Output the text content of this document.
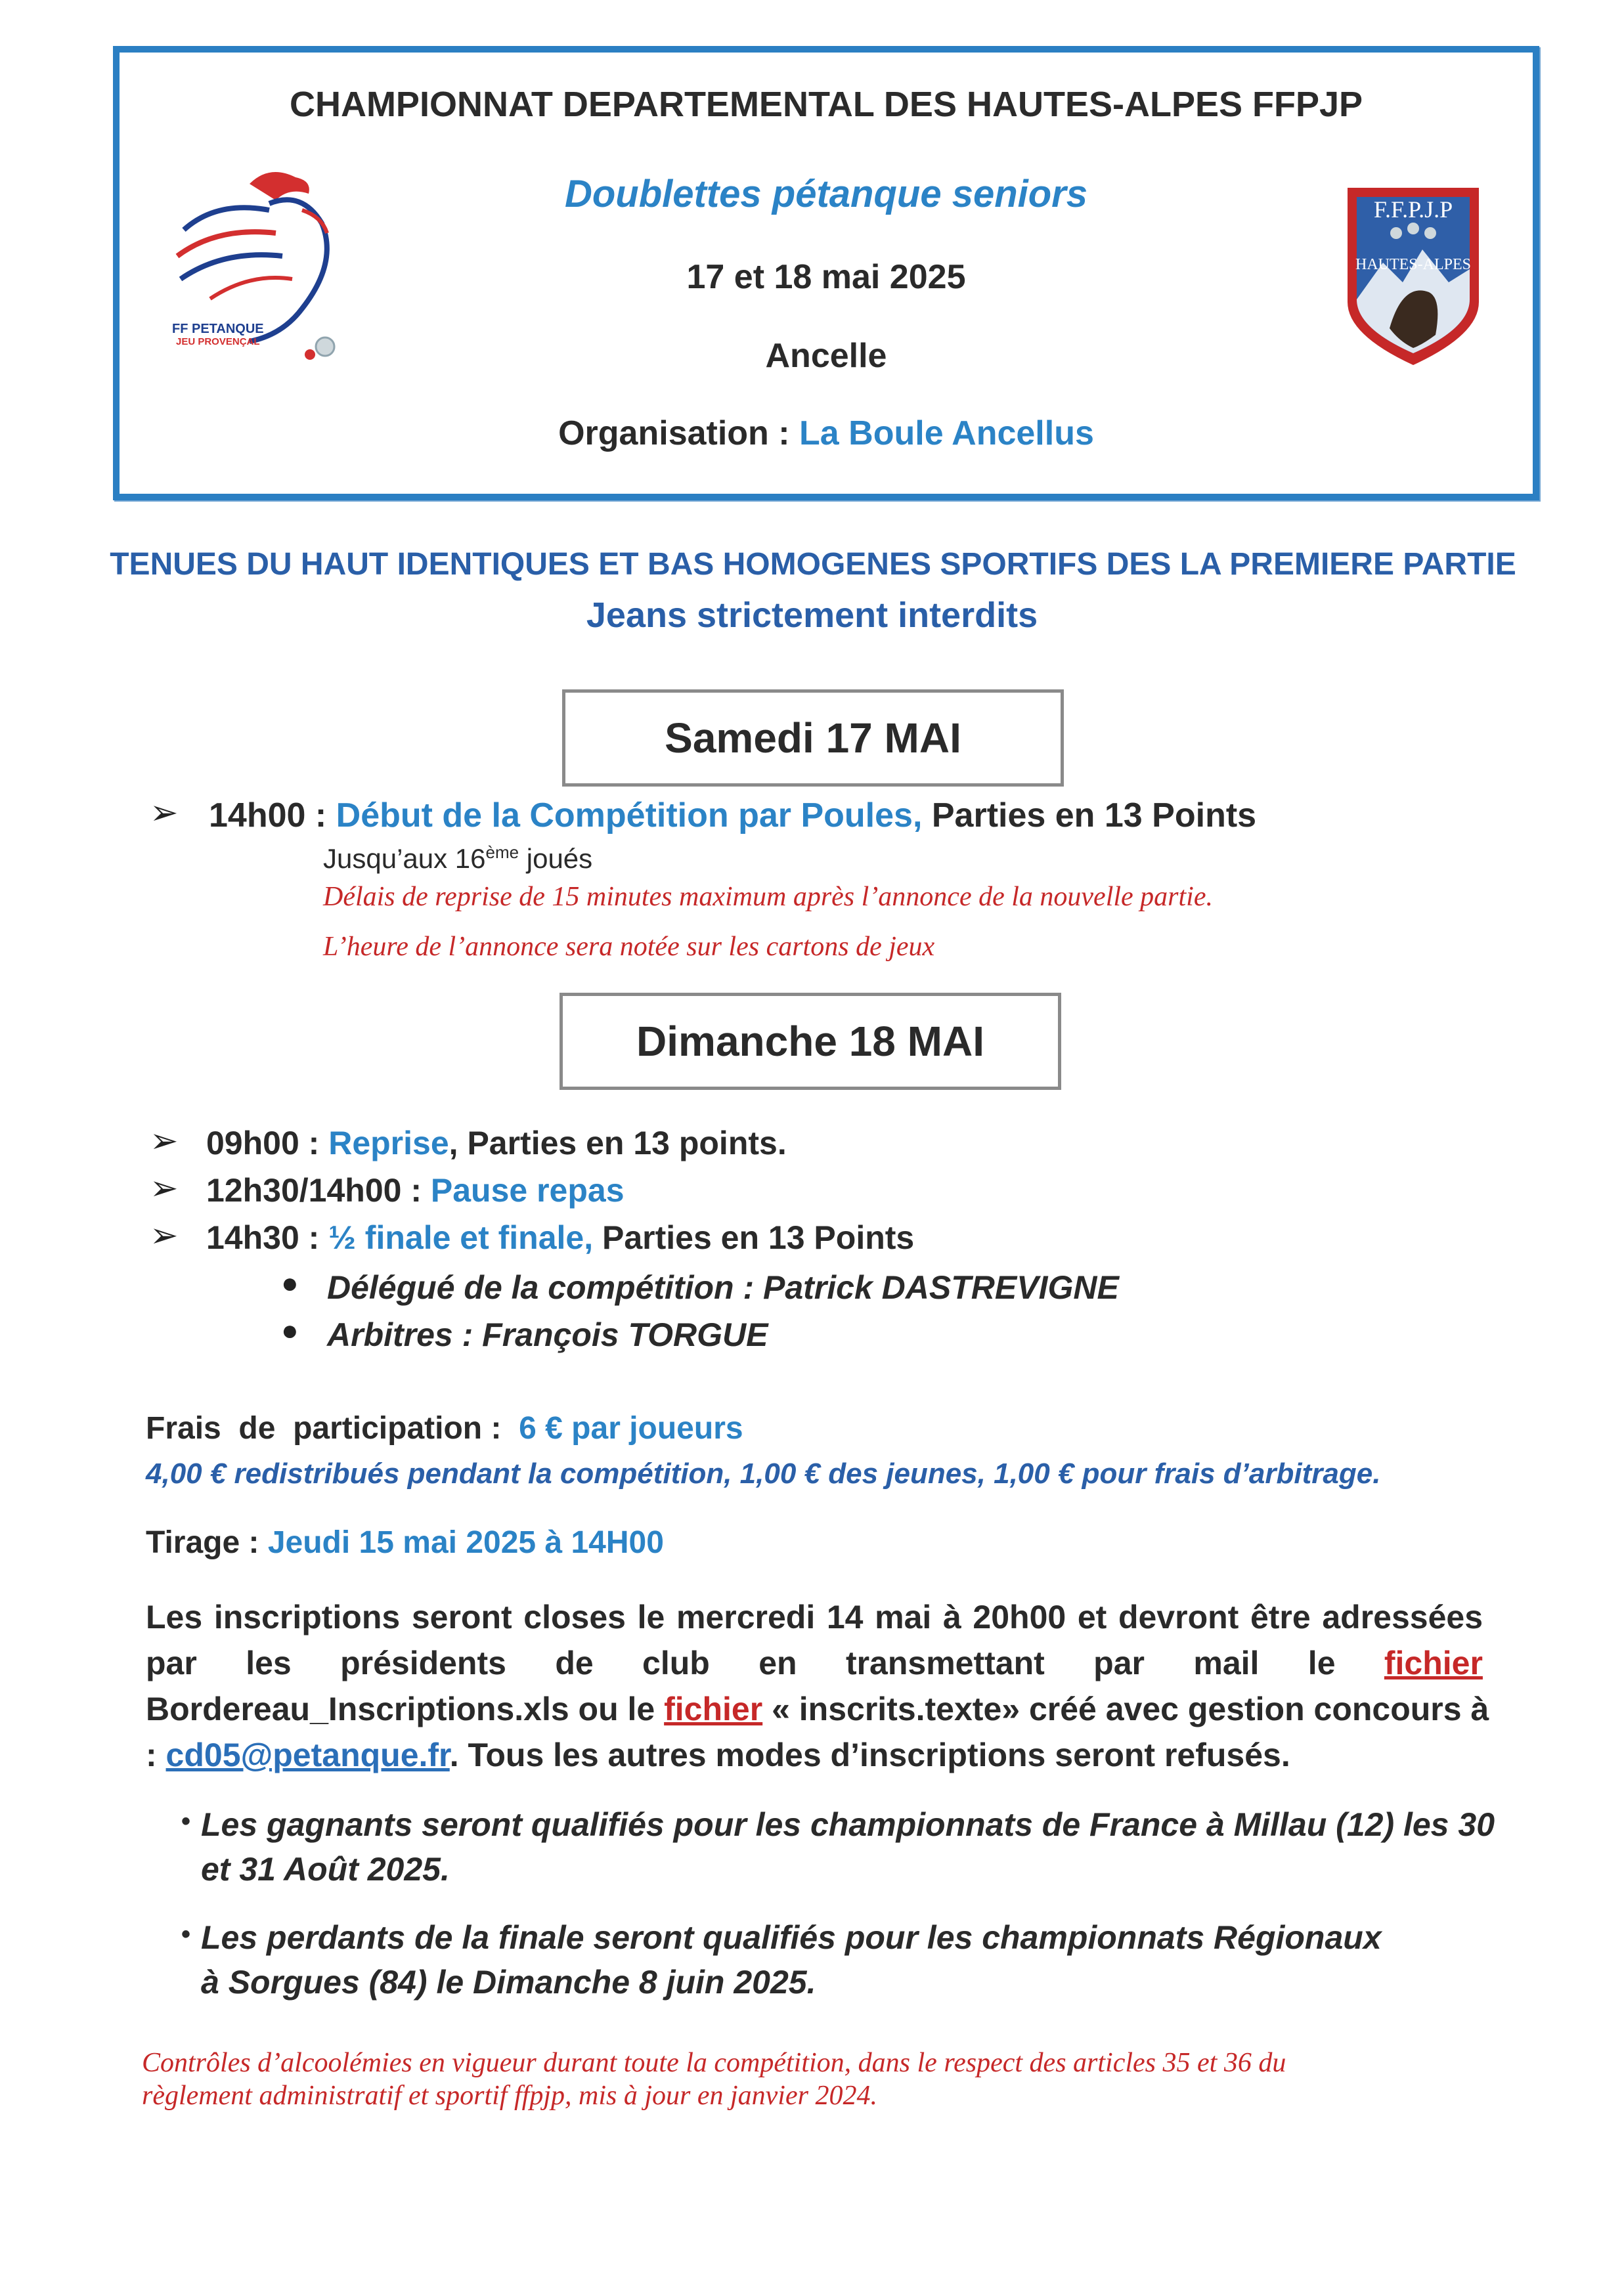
CHAMPIONNAT DEPARTEMENTAL DES HAUTES-ALPES FFPJP
Doublettes pétanque seniors
17 et 18 mai 2025
Ancelle
Organisation : La Boule Ancellus
FF PETANQUE
JEU PROVENÇAL
F.F.P.J.P
HAUTES-ALPES
TENUES DU HAUT IDENTIQUES ET BAS HOMOGENES SPORTIFS DES LA PREMIERE PARTIE
Jeans strictement interdits
Samedi 17 MAI
➢ 14h00 : Début de la Compétition par Poules, Parties en 13 Points
Jusqu’aux 16ème joués
Délais de reprise de 15 minutes maximum après l’annonce de la nouvelle partie.
L’heure de l’annonce sera notée sur les cartons de jeux
Dimanche 18 MAI
➢ 09h00 : Reprise, Parties en 13 points.
➢ 12h30/14h00 : Pause repas
➢ 14h30 : ½ finale et finale, Parties en 13 Points
● Délégué de la compétition : Patrick DASTREVIGNE
● Arbitres : François TORGUE
Frais  de  participation : 6 € par joueurs
4,00 € redistribués pendant la compétition, 1,00 € des jeunes, 1,00 € pour frais d’arbitrage.
Tirage : Jeudi 15 mai 2025 à 14H00
Les inscriptions seront closes le mercredi 14 mai à 20h00 et devront être adressées
par les présidents de club en transmettant par mail le fichier
Bordereau_Inscriptions.xls ou le fichier « inscrits.texte» créé avec gestion concours à
: cd05@petanque.fr. Tous les autres modes d’inscriptions seront refusés.
• Les gagnants seront qualifiés pour les championnats de France à Millau (12) les 30
et 31 Août 2025.
• Les perdants de la finale seront qualifiés pour les championnats Régionaux
à Sorgues (84) le Dimanche 8 juin 2025.
Contrôles d’alcoolémies en vigueur durant toute la compétition, dans le respect des articles 35 et 36 du
règlement administratif et sportif ffpjp, mis à jour en janvier 2024.
